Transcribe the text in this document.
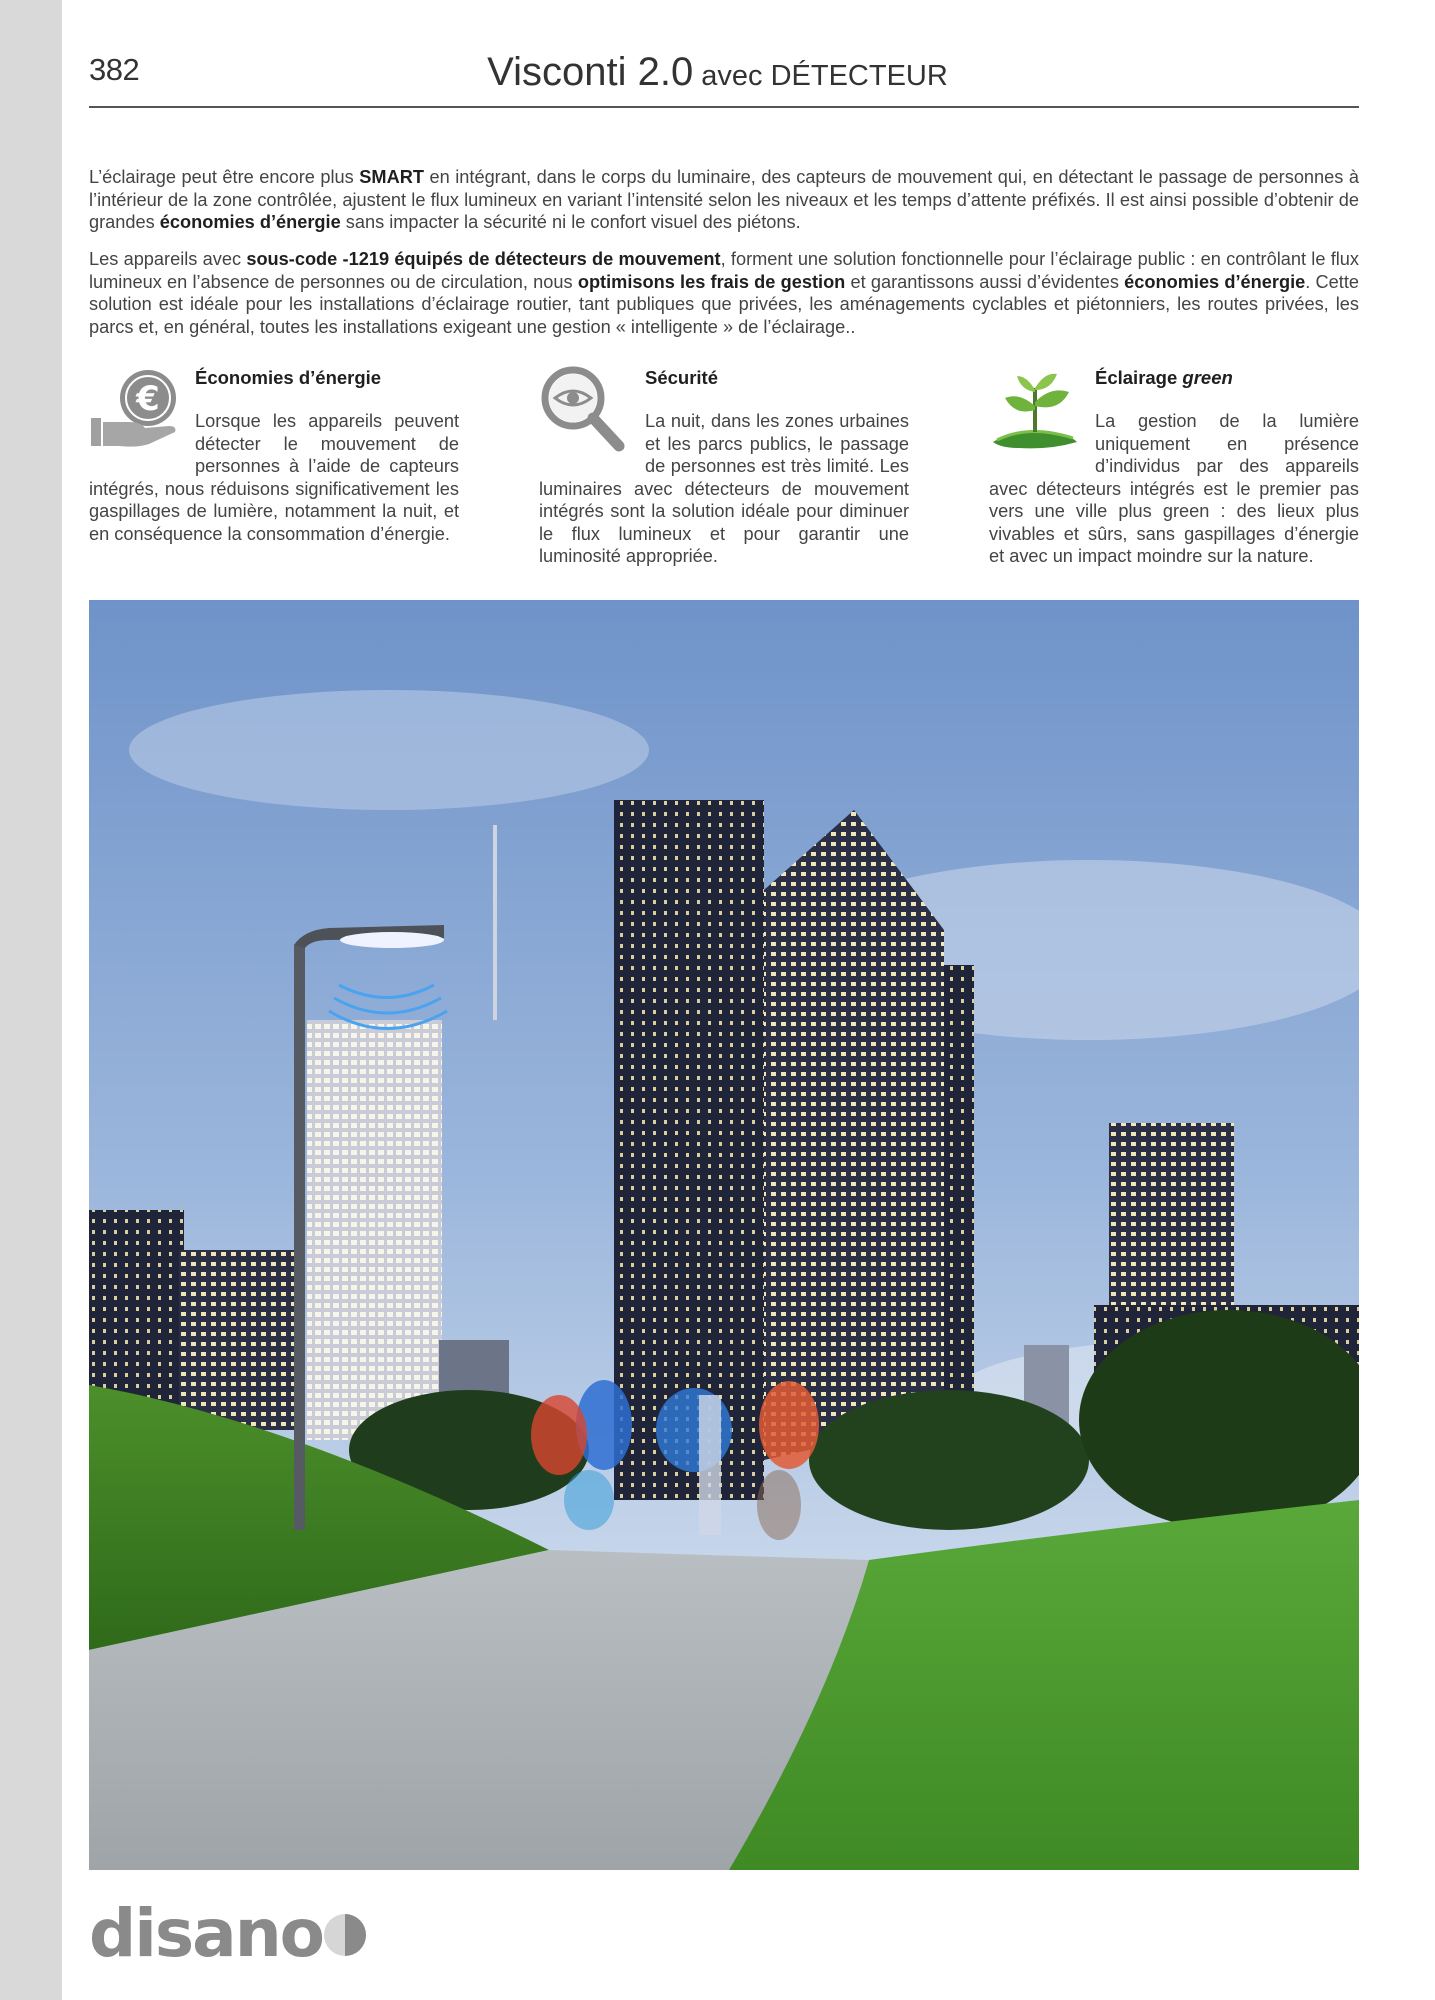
382	Visconti 2.0 avec DÉTECTEUR

L’éclairage peut être encore plus SMART en intégrant, dans le corps du luminaire, des capteurs de mouvement qui, en détectant le passage de personnes à l’intérieur de la zone contrôlée, ajustent le flux lumineux en variant l’intensité selon les niveaux et les temps d’attente préfixés. Il est ainsi possible d’obtenir de grandes économies d’énergie sans impacter la sécurité ni le confort visuel des piétons.

Les appareils avec sous-code -1219 équipés de détecteurs de mouvement, forment une solution fonctionnelle pour l’éclairage public : en contrôlant le flux lumineux en l’absence de personnes ou de circulation, nous optimisons les frais de gestion et garantissons aussi d’évidentes économies d’énergie. Cette solution est idéale pour les installations d’éclairage routier, tant publiques que privées, les aménagements cyclables et piétonniers, les routes privées, les parcs et, en général, toutes les installations exigeant une gestion « intelligente » de l’éclairage..

€
Économies d’énergie
Lorsque les appareils peuvent détecter le mouvement de personnes à l’aide de capteurs intégrés, nous réduisons significativement les gaspillages de lumière, notamment la nuit, et en conséquence la consommation d’énergie.
Sécurité
La nuit, dans les zones urbaines et les parcs publics, le passage de personnes est très limité. Les luminaires avec détecteurs de mouvement intégrés sont la solution idéale pour diminuer le flux lumineux et pour garantir une luminosité appropriée.
Éclairage green
La gestion de la lumière uniquement en présence d’individus par des appareils avec détecteurs intégrés est le premier pas vers une ville plus green : des lieux plus vivables et sûrs, sans gaspillages d’énergie et avec un impact moindre sur la nature.
disano
